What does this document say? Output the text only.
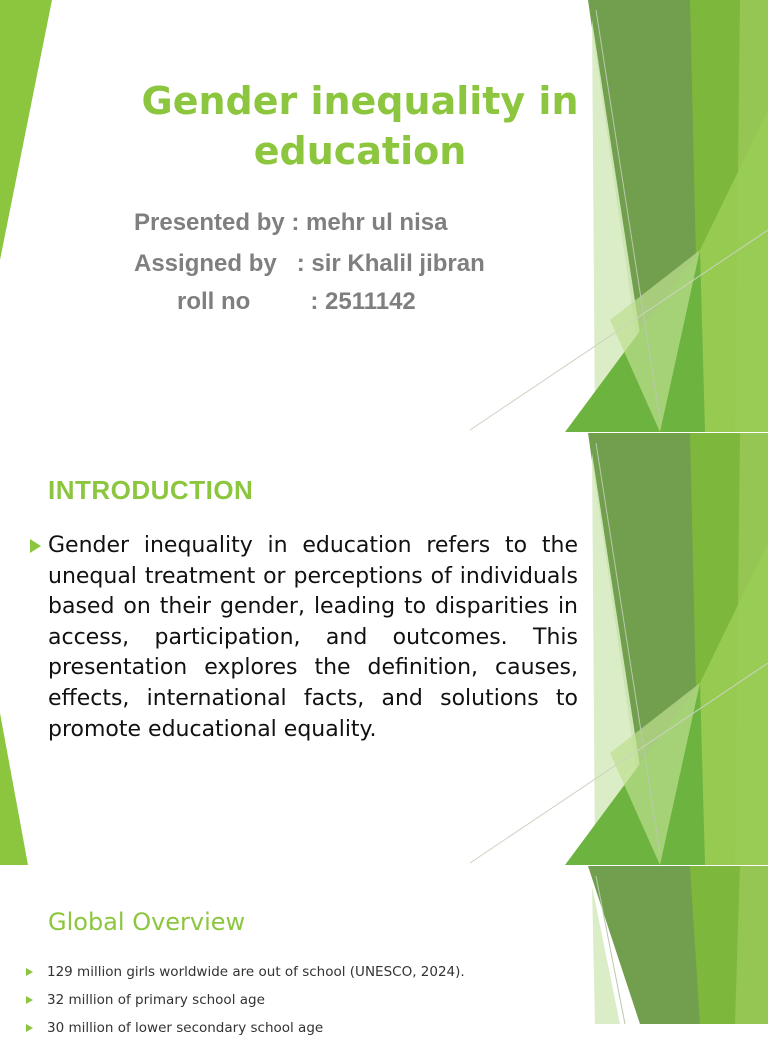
Gender inequality in
education
Presented by : mehr ul nisa
Assigned by   : sir Khalil jibran
roll no         : 2511142
INTRODUCTION
Gender inequality in education refers to the unequal treatment or perceptions of individuals based on their gender, leading to disparities in access, participation, and outcomes. This presentation explores the definition, causes, effects, international facts, and solutions to promote educational equality.
Global Overview
129 million girls worldwide are out of school (UNESCO, 2024).
32 million of primary school age
30 million of lower secondary school age
